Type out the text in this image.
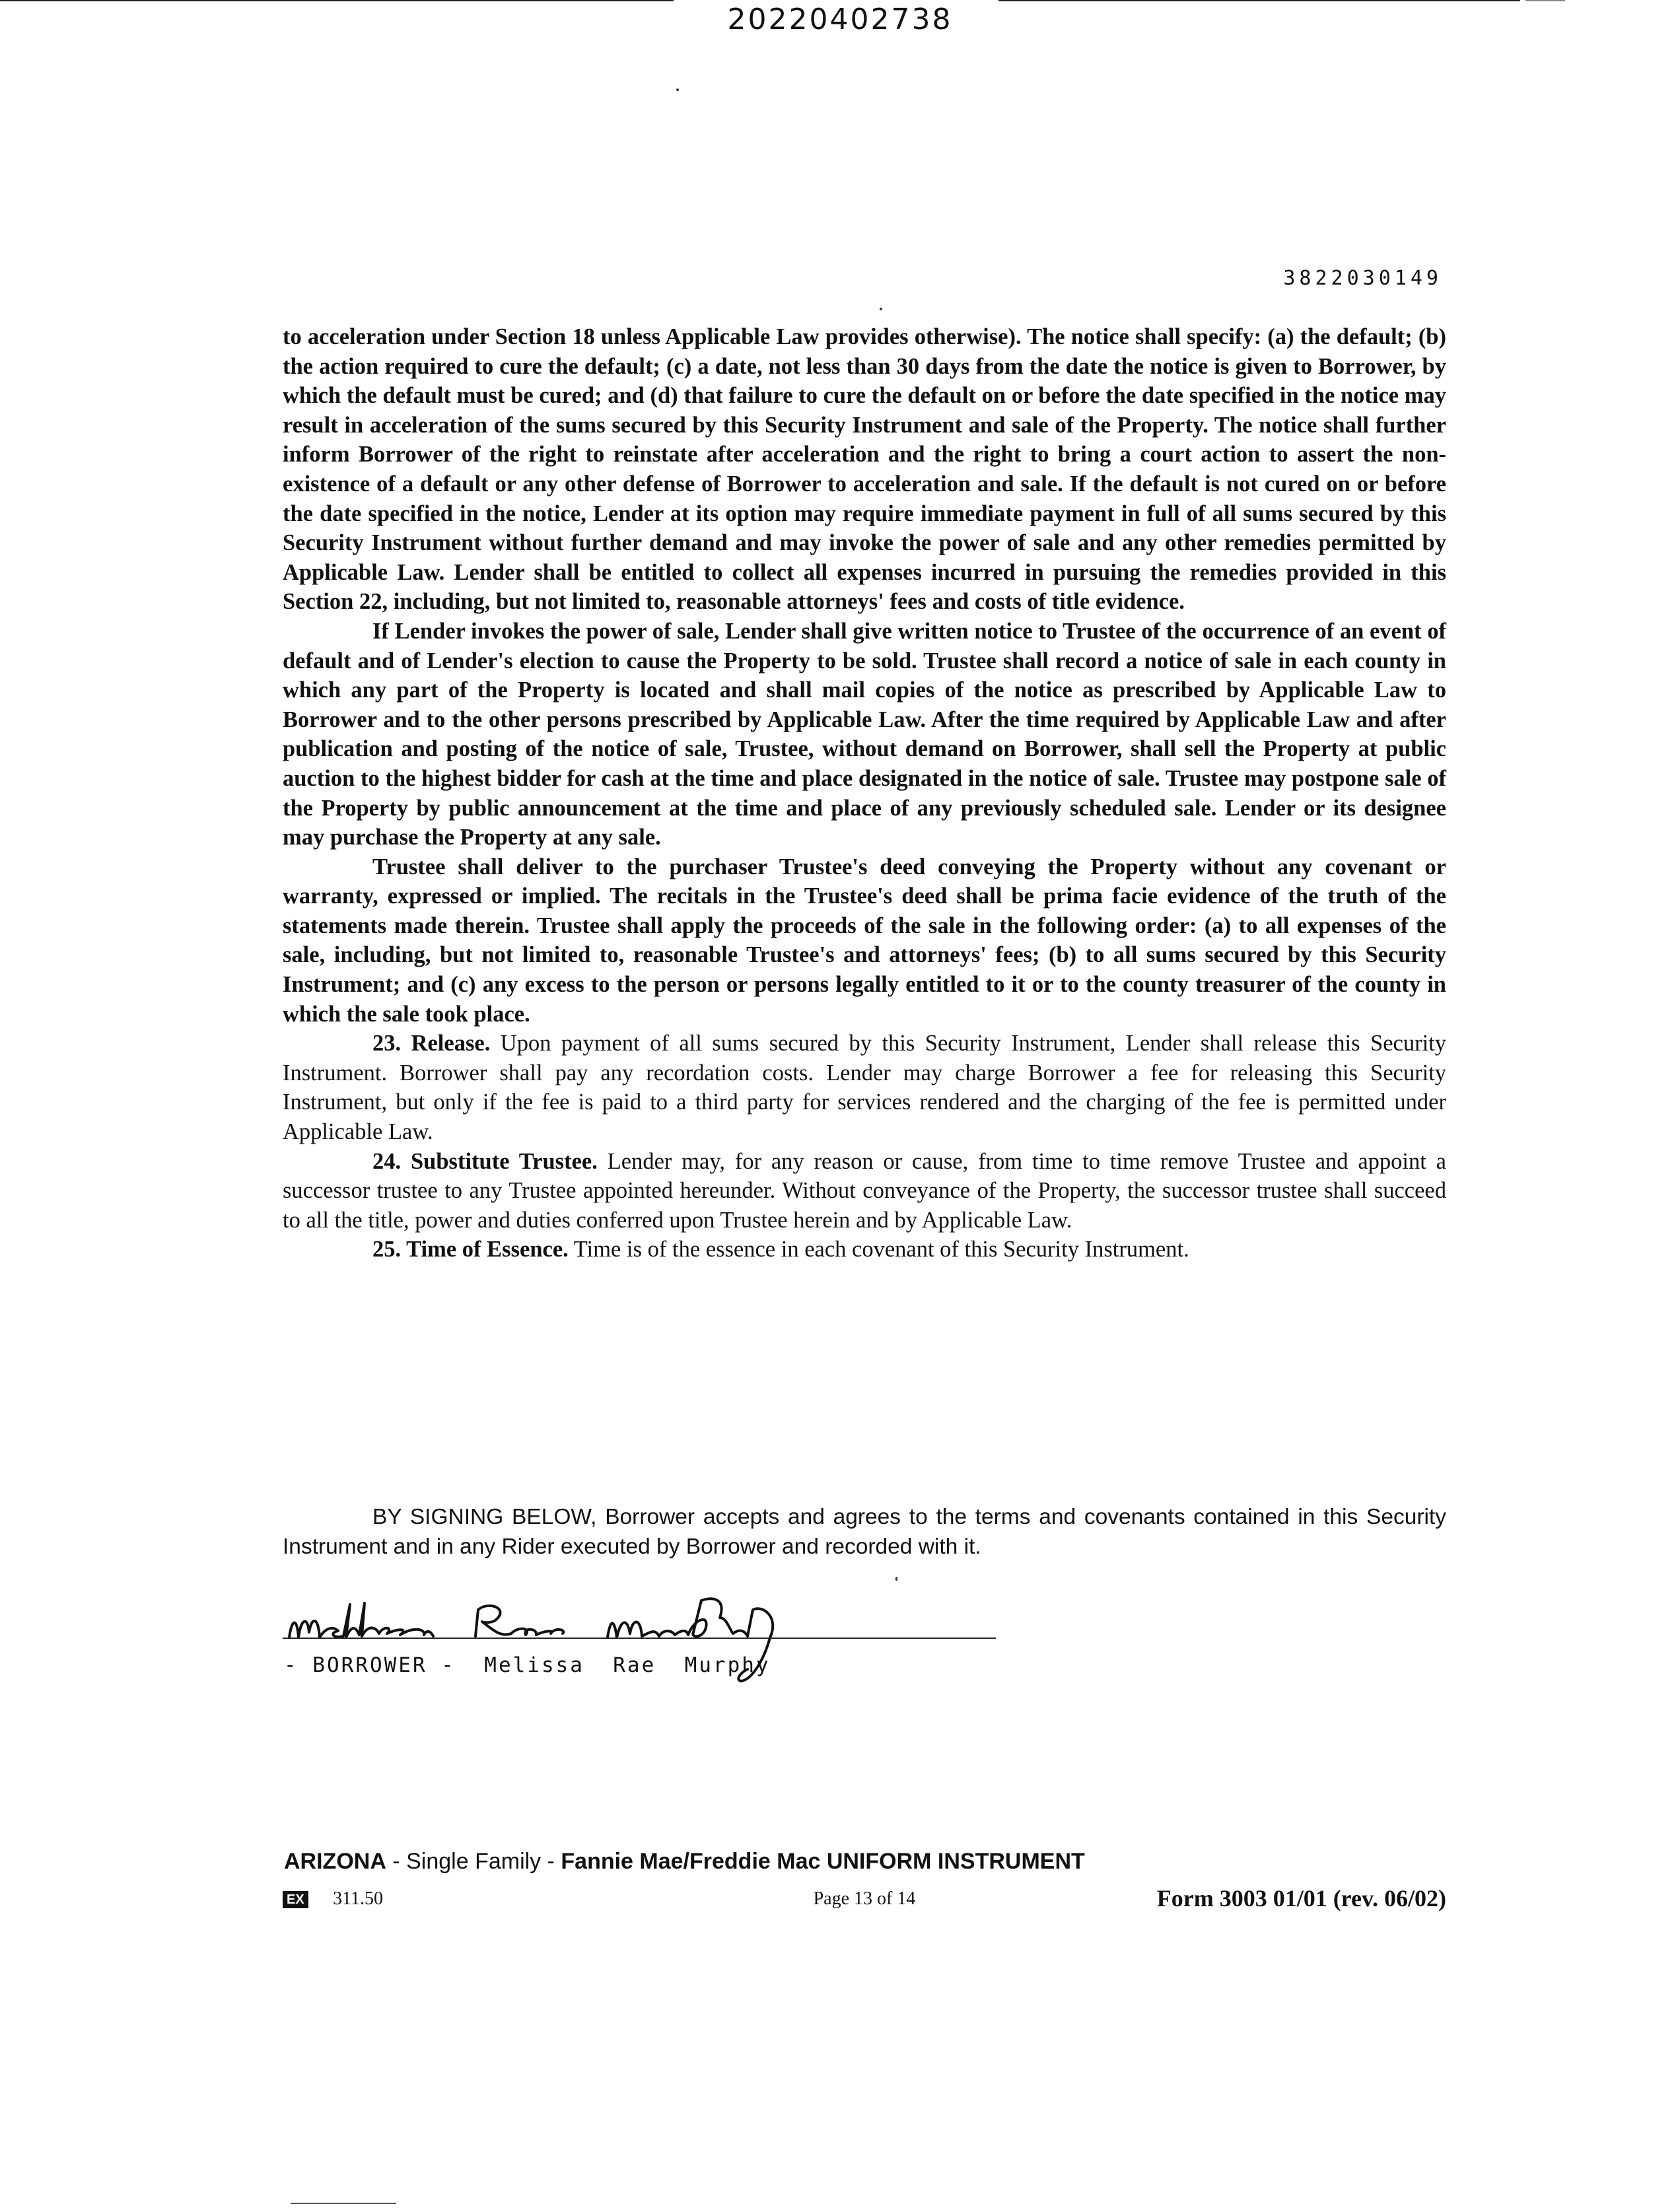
20220402738
3822030149

to acceleration under Section 18 unless Applicable Law provides otherwise). The notice shall specify: (a) the default; (b) the action required to cure the default; (c) a date, not less than 30 days from the date the notice is given to Borrower, by which the default must be cured; and (d) that failure to cure the default on or before the date specified in the notice may result in acceleration of the sums secured by this Security Instrument and sale of the Property. The notice shall further inform Borrower of the right to reinstate after acceleration and the right to bring a court action to assert the non-existence of a default or any other defense of Borrower to acceleration and sale. If the default is not cured on or before the date specified in the notice, Lender at its option may require immediate payment in full of all sums secured by this Security Instrument without further demand and may invoke the power of sale and any other remedies permitted by Applicable Law. Lender shall be entitled to collect all expenses incurred in pursuing the remedies provided in this Section 22, including, but not limited to, reasonable attorneys' fees and costs of title evidence.

If Lender invokes the power of sale, Lender shall give written notice to Trustee of the occurrence of an event of default and of Lender's election to cause the Property to be sold. Trustee shall record a notice of sale in each county in which any part of the Property is located and shall mail copies of the notice as prescribed by Applicable Law to Borrower and to the other persons prescribed by Applicable Law. After the time required by Applicable Law and after publication and posting of the notice of sale, Trustee, without demand on Borrower, shall sell the Property at public auction to the highest bidder for cash at the time and place designated in the notice of sale. Trustee may postpone sale of the Property by public announcement at the time and place of any previously scheduled sale. Lender or its designee may purchase the Property at any sale.

Trustee shall deliver to the purchaser Trustee's deed conveying the Property without any covenant or warranty, expressed or implied. The recitals in the Trustee's deed shall be prima facie evidence of the truth of the statements made therein. Trustee shall apply the proceeds of the sale in the following order: (a) to all expenses of the sale, including, but not limited to, reasonable Trustee's and attorneys' fees; (b) to all sums secured by this Security Instrument; and (c) any excess to the person or persons legally entitled to it or to the county treasurer of the county in which the sale took place.

23. Release. Upon payment of all sums secured by this Security Instrument, Lender shall release this Security Instrument. Borrower shall pay any recordation costs. Lender may charge Borrower a fee for releasing this Security Instrument, but only if the fee is paid to a third party for services rendered and the charging of the fee is permitted under Applicable Law.

24. Substitute Trustee. Lender may, for any reason or cause, from time to time remove Trustee and appoint a successor trustee to any Trustee appointed hereunder. Without conveyance of the Property, the successor trustee shall succeed to all the title, power and duties conferred upon Trustee herein and by Applicable Law.

25. Time of Essence. Time is of the essence in each covenant of this Security Instrument.

BY SIGNING BELOW, Borrower accepts and agrees to the terms and covenants contained in this Security Instrument and in any Rider executed by Borrower and recorded with it.

- BORROWER -  Melissa  Rae  Murphy
ARIZONA - Single Family - Fannie Mae/Freddie Mac UNIFORM INSTRUMENT
EX 311.50	Page 13 of 14	Form 3003 01/01 (rev. 06/02)
